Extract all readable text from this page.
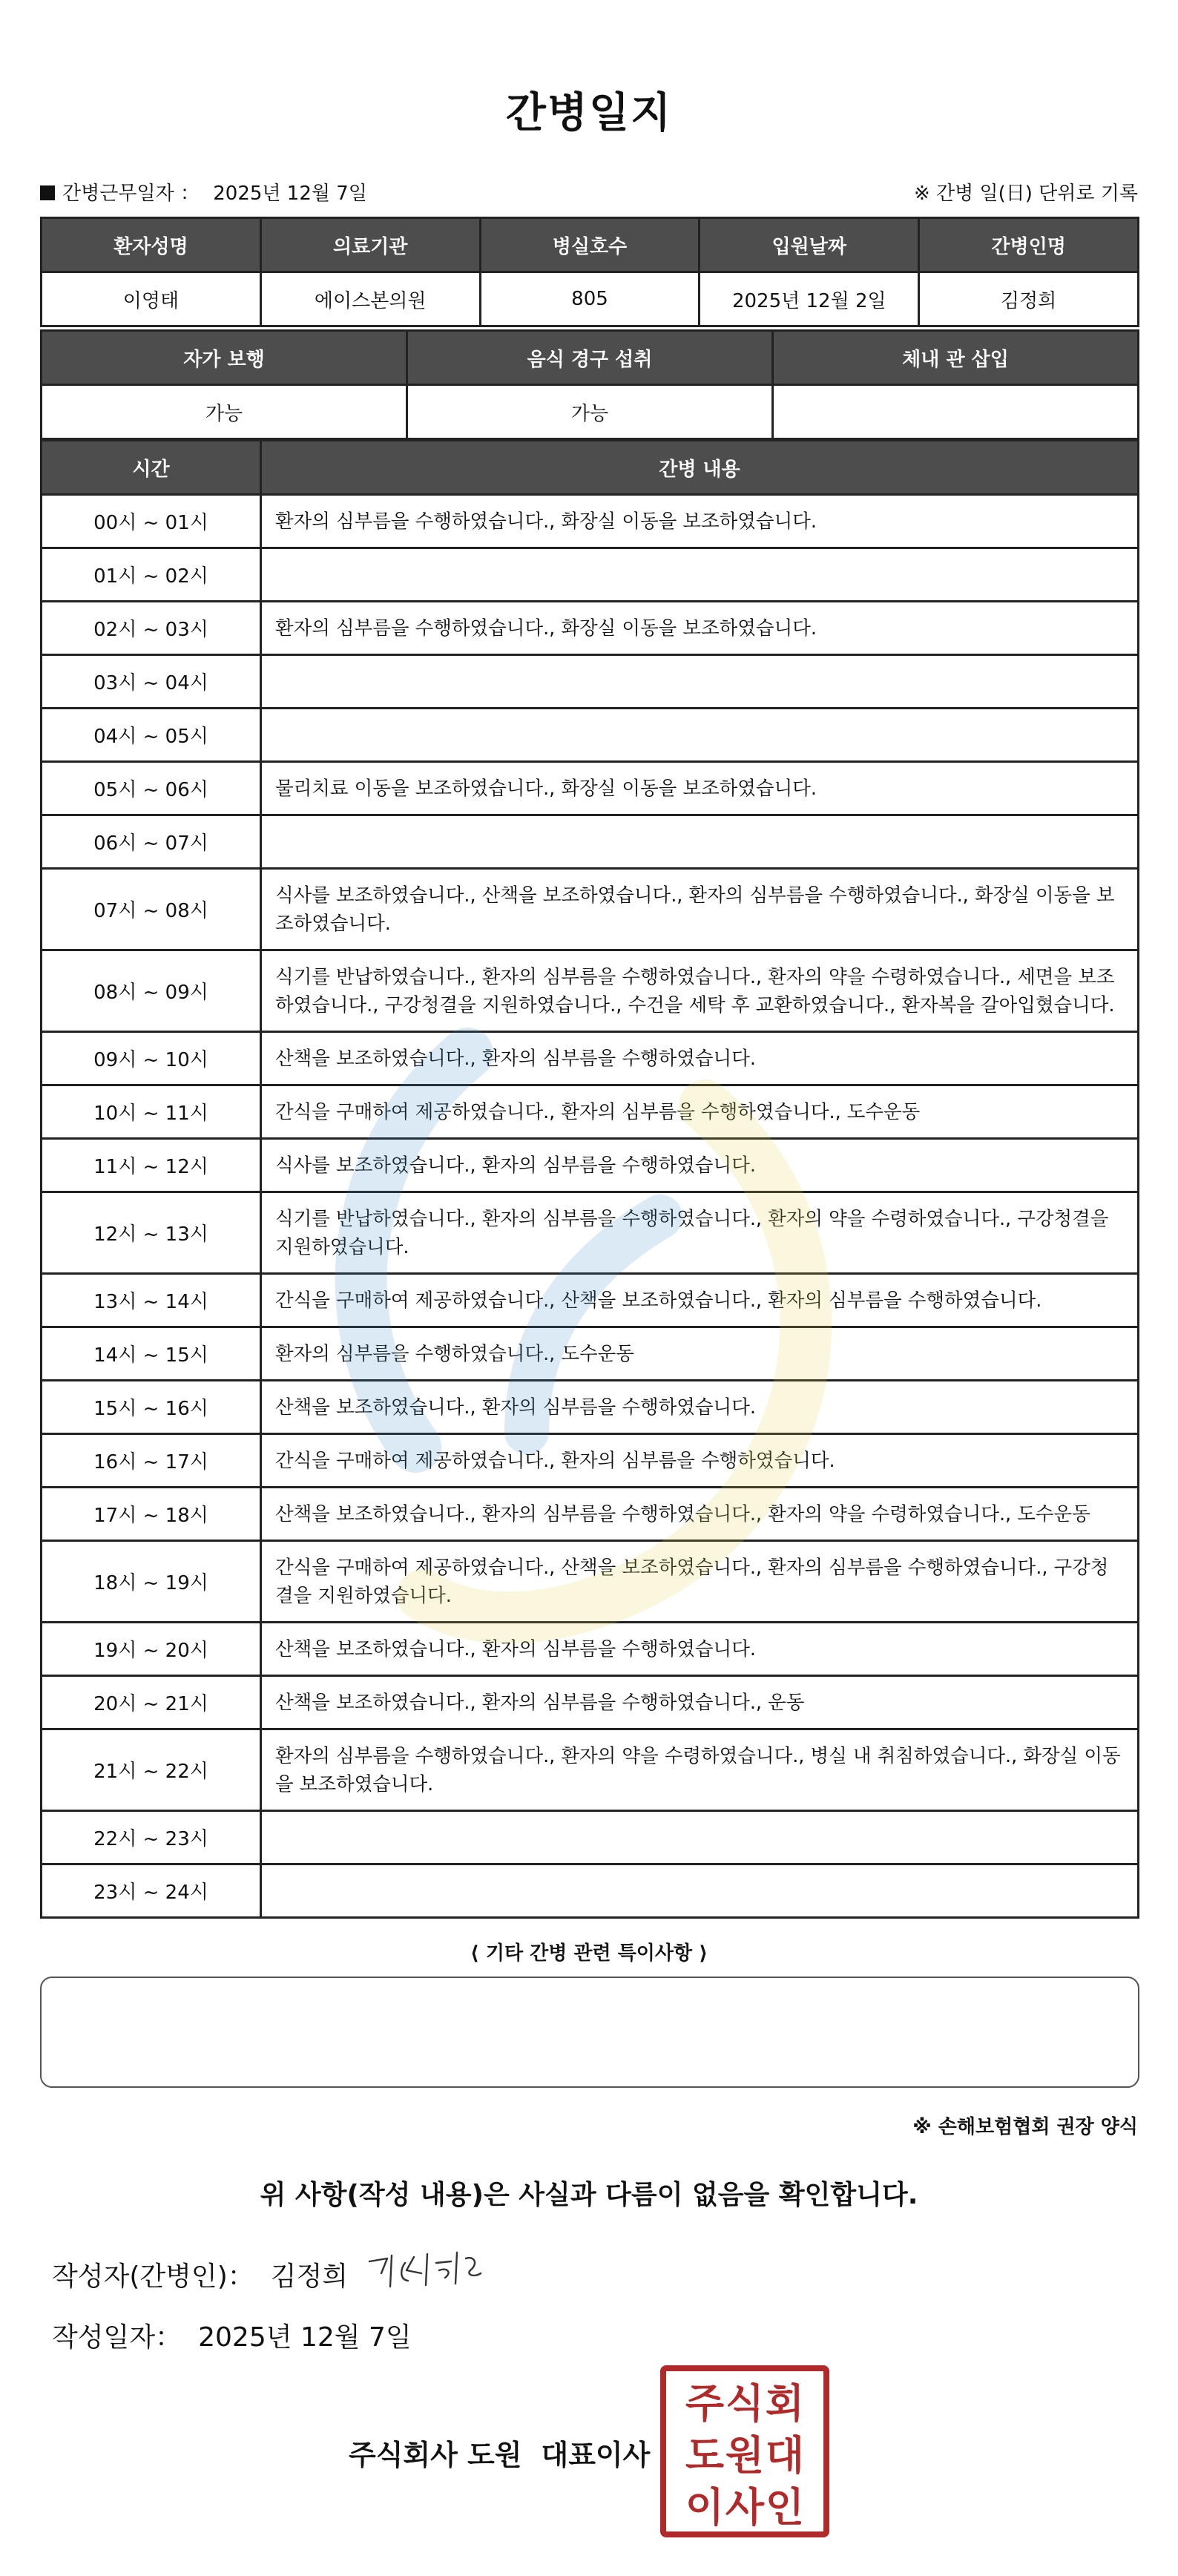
간병일지
간병근무일자 ： 2025년 12월 7일	※ 간병 일(日) 단위로 기록
환자성명	의료기관	병실호수	입원날짜	간병인명
이영태	에이스본의원	805	2025년 12월 2일	김정희
자가 보행	음식 경구 섭취	체내 관 삽입
가능	가능	
시간	간병 내용
00시 ~ 01시	환자의 심부름을 수행하였습니다., 화장실 이동을 보조하였습니다.
01시 ~ 02시	
02시 ~ 03시	환자의 심부름을 수행하였습니다., 화장실 이동을 보조하였습니다.
03시 ~ 04시	
04시 ~ 05시	
05시 ~ 06시	물리치료 이동을 보조하였습니다., 화장실 이동을 보조하였습니다.
06시 ~ 07시	
07시 ~ 08시	식사를 보조하였습니다., 산책을 보조하였습니다., 환자의 심부름을 수행하였습니다., 화장실 이동을 보조하였습니다.
08시 ~ 09시	식기를 반납하였습니다., 환자의 심부름을 수행하였습니다., 환자의 약을 수령하였습니다., 세면을 보조하였습니다., 구강청결을 지원하였습니다., 수건을 세탁 후 교환하였습니다., 환자복을 갈아입혔습니다.
09시 ~ 10시	산책을 보조하였습니다., 환자의 심부름을 수행하였습니다.
10시 ~ 11시	간식을 구매하여 제공하였습니다., 환자의 심부름을 수행하였습니다., 도수운동
11시 ~ 12시	식사를 보조하였습니다., 환자의 심부름을 수행하였습니다.
12시 ~ 13시	식기를 반납하였습니다., 환자의 심부름을 수행하였습니다., 환자의 약을 수령하였습니다., 구강청결을 지원하였습니다.
13시 ~ 14시	간식을 구매하여 제공하였습니다., 산책을 보조하였습니다., 환자의 심부름을 수행하였습니다.
14시 ~ 15시	환자의 심부름을 수행하였습니다., 도수운동
15시 ~ 16시	산책을 보조하였습니다., 환자의 심부름을 수행하였습니다.
16시 ~ 17시	간식을 구매하여 제공하였습니다., 환자의 심부름을 수행하였습니다.
17시 ~ 18시	산책을 보조하였습니다., 환자의 심부름을 수행하였습니다., 환자의 약을 수령하였습니다., 도수운동
18시 ~ 19시	간식을 구매하여 제공하였습니다., 산책을 보조하였습니다., 환자의 심부름을 수행하였습니다., 구강청결을 지원하였습니다.
19시 ~ 20시	산책을 보조하였습니다., 환자의 심부름을 수행하였습니다.
20시 ~ 21시	산책을 보조하였습니다., 환자의 심부름을 수행하였습니다., 운동
21시 ~ 22시	환자의 심부름을 수행하였습니다., 환자의 약을 수령하였습니다., 병실 내 취침하였습니다., 화장실 이동을 보조하였습니다.
22시 ~ 23시	
23시 ~ 24시	
⟨ 기타 간병 관련 특이사항 ⟩
※ 손해보험협회 권장 양식
위 사항(작성 내용)은 사실과 다름이 없음을 확인합니다.
작성자(간병인)： 김정희
작성일자： 2025년 12월 7일
주식회사 도원 대표이사
주 식 회
도 원 대
이 사 인
